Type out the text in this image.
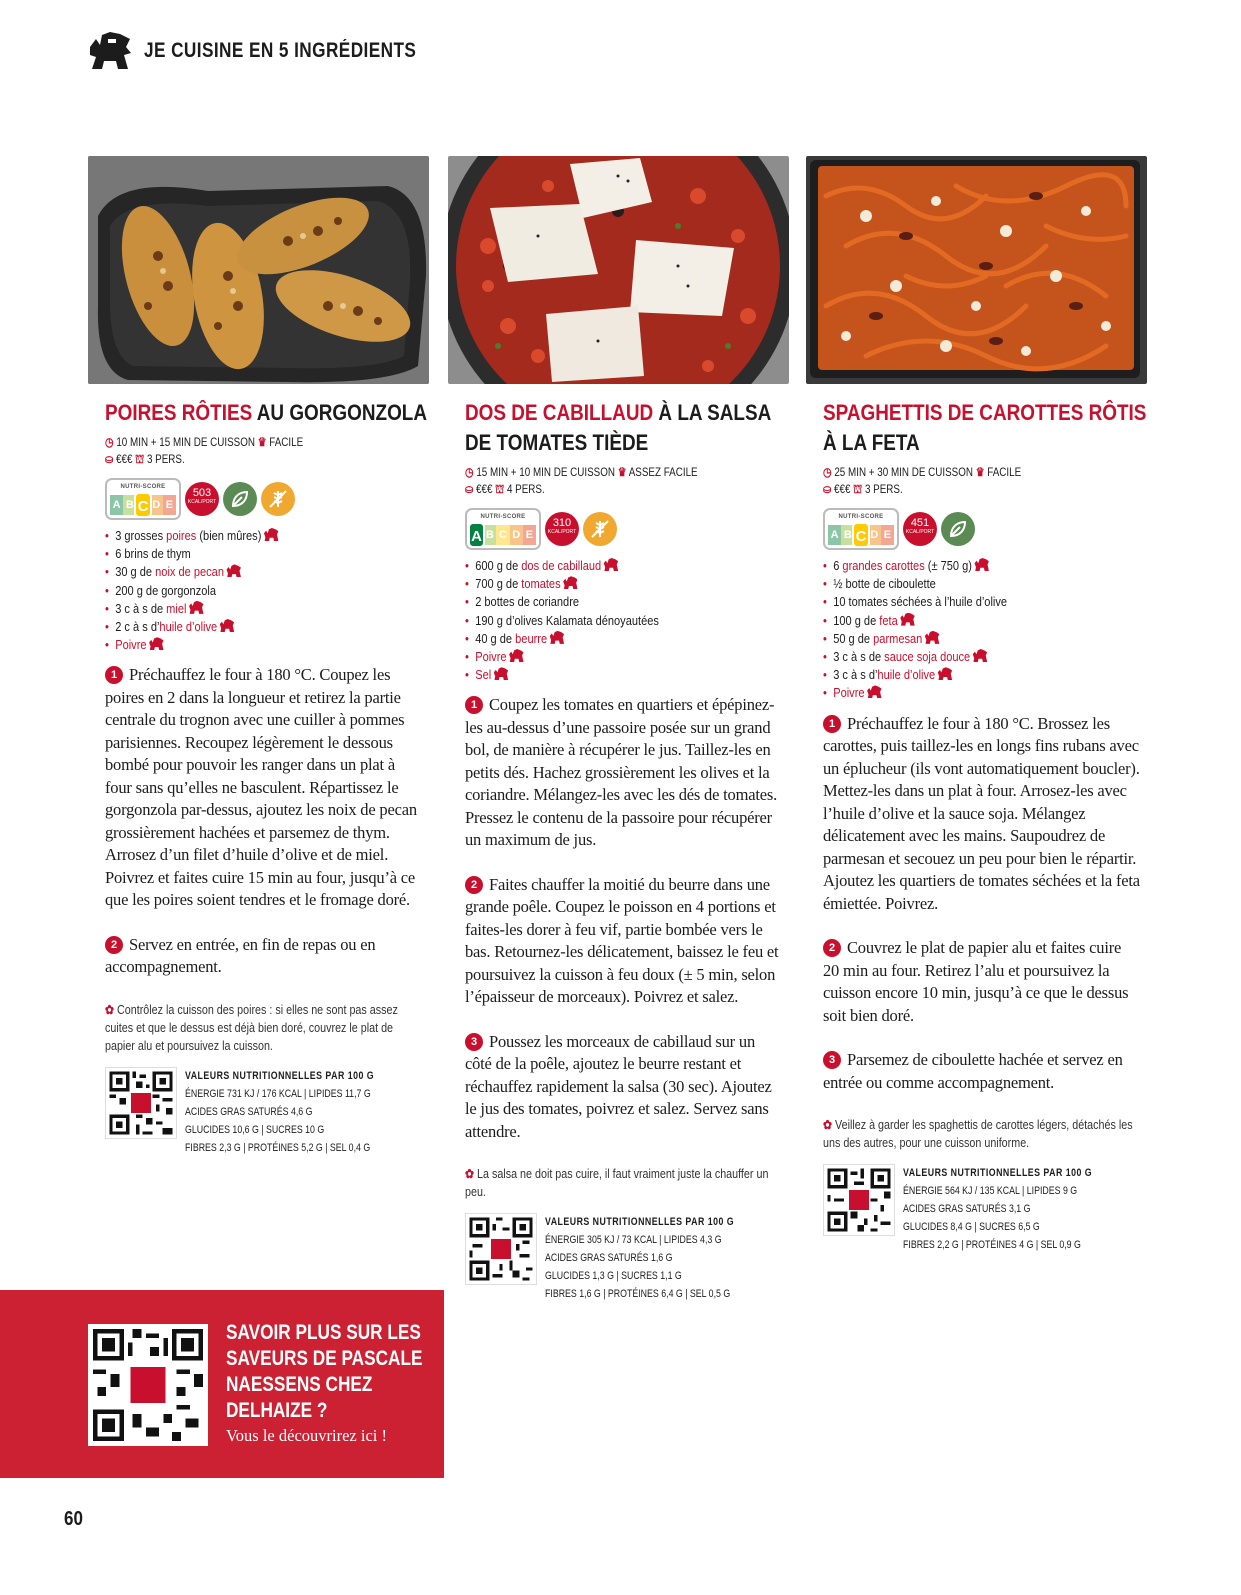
JE CUISINE EN 5 INGRÉDIENTS
POIRES RÔTIES AU GORGONZOLA
◷ 10 MIN + 15 MIN DE CUISSON ♛ FACILE
⛀ €€€ ⛫ 3 PERS.
NUTRI-SCORE
A B C D E
503
KCAL/PORT
• 3 grosses poires (bien mûres)
• 6 brins de thym
• 30 g de noix de pecan
• 200 g de gorgonzola
• 3 c à s de miel
• 2 c à s d’huile d’olive
• Poivre

1 Préchauffez le four à 180 °C. Coupez les poires en 2 dans la longueur et retirez la partie centrale du trognon avec une cuiller à pommes parisiennes. Recoupez légèrement le dessous bombé pour pouvoir les ranger dans un plat à four sans qu’elles ne basculent. Répartissez le gorgonzola par-dessus, ajoutez les noix de pecan grossièrement hachées et parsemez de thym. Arrosez d’un filet d’huile d’olive et de miel. Poivrez et faites cuire 15 min au four, jusqu’à ce que les poires soient tendres et le fromage doré.

2 Servez en entrée, en fin de repas ou en accompagnement.

✿ Contrôlez la cuisson des poires : si elles ne sont pas assez cuites et que le dessus est déjà bien doré, couvrez le plat de papier alu et poursuivez la cuisson.
VALEURS NUTRITIONNELLES PAR 100 G
ÉNERGIE 731 KJ / 176 KCAL | LIPIDES 11,7 G
ACIDES GRAS SATURÉS 4,6 G
GLUCIDES 10,6 G | SUCRES 10 G
FIBRES 2,3 G | PROTÉINES 5,2 G | SEL 0,4 G
DOS DE CABILLAUD À LA SALSA DE TOMATES TIÈDE
◷ 15 MIN + 10 MIN DE CUISSON ♛ ASSEZ FACILE
⛀ €€€ ⛫ 4 PERS.
NUTRI-SCORE
A B C D E
310
KCAL/PORT
• 600 g de dos de cabillaud
• 700 g de tomates
• 2 bottes de coriandre
• 190 g d’olives Kalamata dénoyautées
• 40 g de beurre
• Poivre
• Sel

1 Coupez les tomates en quartiers et épépinez-les au-dessus d’une passoire posée sur un grand bol, de manière à récupérer le jus. Taillez-les en petits dés. Hachez grossièrement les olives et la coriandre. Mélangez-les avec les dés de tomates. Pressez le contenu de la passoire pour récupérer un maximum de jus.

2 Faites chauffer la moitié du beurre dans une grande poêle. Coupez le poisson en 4 portions et faites-les dorer à feu vif, partie bombée vers le bas. Retournez-les délicatement, baissez le feu et poursuivez la cuisson à feu doux (± 5 min, selon l’épaisseur de morceaux). Poivrez et salez.

3 Poussez les morceaux de cabillaud sur un côté de la poêle, ajoutez le beurre restant et réchauffez rapidement la salsa (30 sec). Ajoutez le jus des tomates, poivrez et salez. Servez sans attendre.

✿ La salsa ne doit pas cuire, il faut vraiment juste la chauffer un peu.
VALEURS NUTRITIONNELLES PAR 100 G
ÉNERGIE 305 KJ / 73 KCAL | LIPIDES 4,3 G
ACIDES GRAS SATURÉS 1,6 G
GLUCIDES 1,3 G | SUCRES 1,1 G
FIBRES 1,6 G | PROTÉINES 6,4 G | SEL 0,5 G
SPAGHETTIS DE CAROTTES RÔTIS À LA FETA
◷ 25 MIN + 30 MIN DE CUISSON ♛ FACILE
⛀ €€€ ⛫ 3 PERS.
NUTRI-SCORE
A B C D E
451
KCAL/PORT
• 6 grandes carottes (± 750 g)
• ½ botte de ciboulette
• 10 tomates séchées à l’huile d’olive
• 100 g de feta
• 50 g de parmesan
• 3 c à s de sauce soja douce
• 3 c à s d’huile d’olive
• Poivre

1 Préchauffez le four à 180 °C. Brossez les carottes, puis taillez-les en longs fins rubans avec un éplucheur (ils vont automatiquement boucler). Mettez-les dans un plat à four. Arrosez-les avec l’huile d’olive et la sauce soja. Mélangez délicatement avec les mains. Saupoudrez de parmesan et secouez un peu pour bien le répartir. Ajoutez les quartiers de tomates séchées et la feta émiettée. Poivrez.

2 Couvrez le plat de papier alu et faites cuire 20 min au four. Retirez l’alu et poursuivez la cuisson encore 10 min, jusqu’à ce que le dessus soit bien doré.

3 Parsemez de ciboulette hachée et servez en entrée ou comme accompagnement.

✿ Veillez à garder les spaghettis de carottes légers, détachés les uns des autres, pour une cuisson uniforme.
VALEURS NUTRITIONNELLES PAR 100 G
ÉNERGIE 564 KJ / 135 KCAL | LIPIDES 9 G
ACIDES GRAS SATURÉS 3,1 G
GLUCIDES 8,4 G | SUCRES 6,5 G
FIBRES 2,2 G | PROTÉINES 4 G | SEL 0,9 G
SAVOIR PLUS SUR LES SAVEURS DE PASCALE NAESSENS CHEZ DELHAIZE ?
Vous le découvrirez ici !
60
